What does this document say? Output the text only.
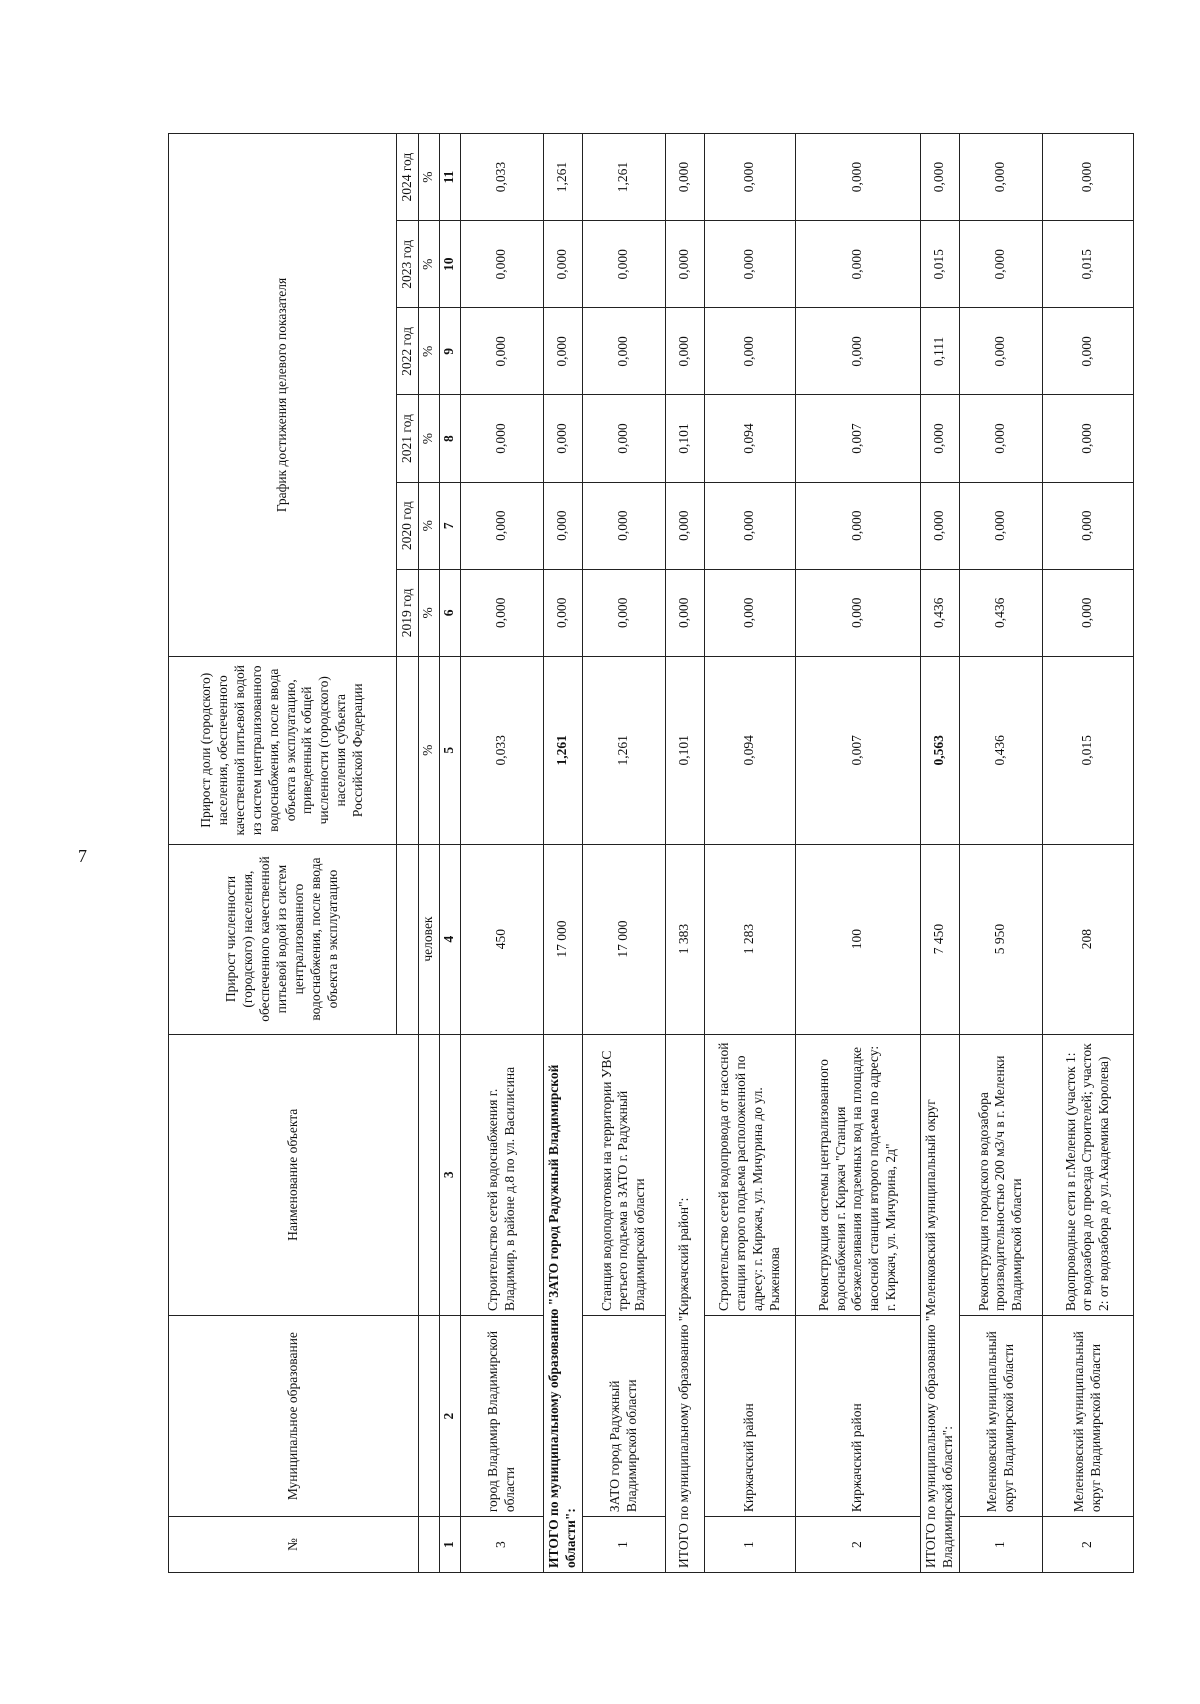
7
№	Муниципальное образование	Наименование объекта	Прирост численности (городского) населения, обеспеченного качественной питьевой водой из систем централизованного водоснабжения, после ввода объекта в эксплуатацию	Прирост доли (городского) населения, обеспеченного качественной питьевой водой из систем централизованного водоснабжения, после ввода объекта в эксплуатацию, приведенный к общей численности (городского) населения субъекта Российской Федерации	График достижения целевого показателя					
					2019 год	2020 год	2021 год	2022 год	2023 год	2024 год
			человек	%	%	%	%	%	%	%
1	2	3	4	5	6	7	8	9	10	11
3	город Владимир Владимирской области	Строительство сетей водоснабжения г. Владимир, в районе д.8 по ул. Василисина	450	0,033	0,000	0,000	0,000	0,000	0,000	0,033
ИТОГО по муниципальному образованию "ЗАТО город Радужный Владимирской области":			17 000	1,261	0,000	0,000	0,000	0,000	0,000	1,261
1	ЗАТО город Радужный Владимирской области	Станция водоподготовки на территории УВС третьего подъема в ЗАТО г. Радужный Владимирской области	17 000	1,261	0,000	0,000	0,000	0,000	0,000	1,261
ИТОГО по муниципальному образованию "Киржачский район":			1 383	0,101	0,000	0,000	0,101	0,000	0,000	0,000
1	Киржачский район	Строительство сетей водопровода от насосной станции второго подъема расположенной по адресу: г. Киржач, ул. Мичурина до ул. Рыженкова	1 283	0,094	0,000	0,000	0,094	0,000	0,000	0,000
2	Киржачский район	Реконструкция системы централизованного водоснабжения г. Киржач "Станция обезжелезивания подземных вод на площадке насосной станции второго подъема по адресу: г. Киржач, ул. Мичурина, 2д"	100	0,007	0,000	0,000	0,007	0,000	0,000	0,000
ИТОГО по муниципальному образованию "Меленковский муниципальный округ Владимирской области":			7 450	0,563	0,436	0,000	0,000	0,111	0,015	0,000
1	Меленковский муниципальный округ Владимирской области	Реконструкция городского водозабора производительностью 200 м3/ч в г. Меленки Владимирской области	5 950	0,436	0,436	0,000	0,000	0,000	0,000	0,000
2	Меленковский муниципальный округ Владимирской области	Водопроводные сети в г.Меленки (участок 1: от водозабора до проезда Строителей; участок 2: от водозабора до ул.Академика Королева)	208	0,015	0,000	0,000	0,000	0,000	0,015	0,000
